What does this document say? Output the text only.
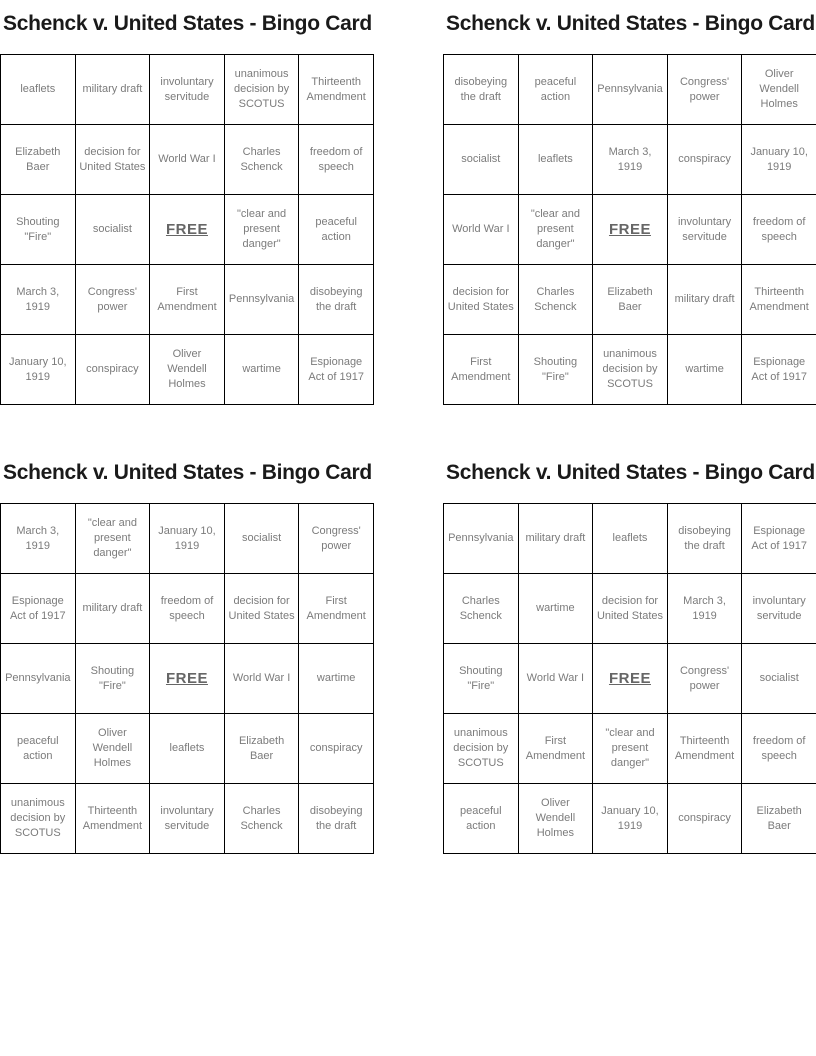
Schenck v. United States - Bingo Card
leaflets	military draft	involuntary servitude	unanimous decision by SCOTUS	Thirteenth Amendment
Elizabeth Baer	decision for United States	World War I	Charles Schenck	freedom of speech
Shouting "Fire"	socialist	FREE	"clear and present danger"	peaceful action
March 3, 1919	Congress' power	First Amendment	Pennsylvania	disobeying the draft
January 10, 1919	conspiracy	Oliver Wendell Holmes	wartime	Espionage Act of 1917
Schenck v. United States - Bingo Card
disobeying the draft	peaceful action	Pennsylvania	Congress' power	Oliver Wendell Holmes
socialist	leaflets	March 3, 1919	conspiracy	January 10, 1919
World War I	"clear and present danger"	FREE	involuntary servitude	freedom of speech
decision for United States	Charles Schenck	Elizabeth Baer	military draft	Thirteenth Amendment
First Amendment	Shouting "Fire"	unanimous decision by SCOTUS	wartime	Espionage Act of 1917
Schenck v. United States - Bingo Card
March 3, 1919	"clear and present danger"	January 10, 1919	socialist	Congress' power
Espionage Act of 1917	military draft	freedom of speech	decision for United States	First Amendment
Pennsylvania	Shouting "Fire"	FREE	World War I	wartime
peaceful action	Oliver Wendell Holmes	leaflets	Elizabeth Baer	conspiracy
unanimous decision by SCOTUS	Thirteenth Amendment	involuntary servitude	Charles Schenck	disobeying the draft
Schenck v. United States - Bingo Card
Pennsylvania	military draft	leaflets	disobeying the draft	Espionage Act of 1917
Charles Schenck	wartime	decision for United States	March 3, 1919	involuntary servitude
Shouting "Fire"	World War I	FREE	Congress' power	socialist
unanimous decision by SCOTUS	First Amendment	"clear and present danger"	Thirteenth Amendment	freedom of speech
peaceful action	Oliver Wendell Holmes	January 10, 1919	conspiracy	Elizabeth Baer
